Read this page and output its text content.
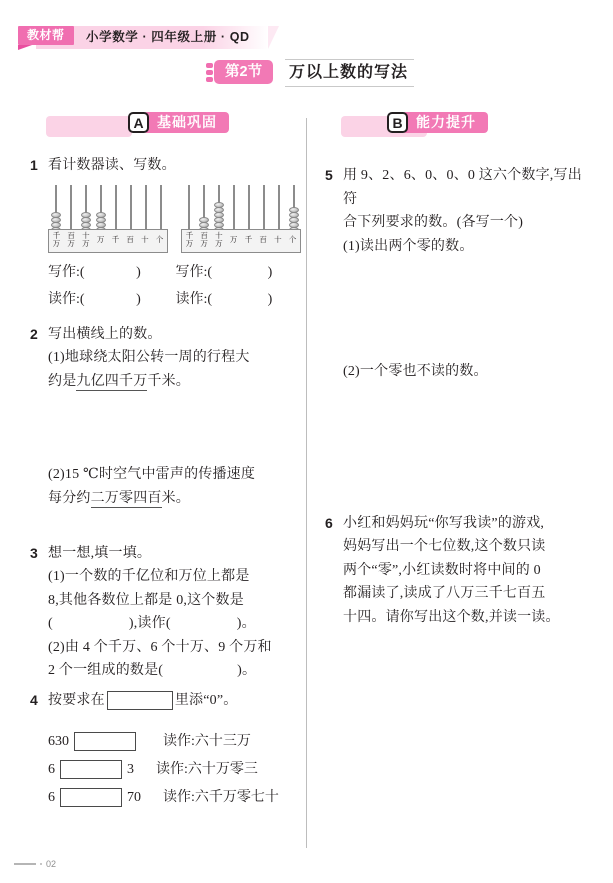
教材帮	小学数学 · 四年级上册 · QD
第2节	万以上数的写法
A 基础巩固
1 看计数器读、写数。
千
万
百
万
十
万 万 千 百 十 个	千
万
百
万
十
万 万 千 百 十 个
写作:(	) 写作:(	)
读作:(	) 读作:(	)
2 写出横线上的数。
(1)地球绕太阳公转一周的行程大
约是九亿四千万千米。
(2)15 ℃时空气中雷声的传播速度
每分约二万零四百米。
3 想一想,填一填。
(1)一个数的千亿位和万位上都是
8,其他各数位上都是 0,这个数是
(	),读作(	)。
(2)由 4 个千万、6 个十万、9 个万和
2 个一组成的数是(	)。
4 按要求在	里添“0”。
630	读作:六十三万
6	3 读作:六十万零三
6	70 读作:六千万零七十
B 能力提升
5 用 9、2、6、0、0、0 这六个数字,写出符
合下列要求的数。(各写一个)
(1)读出两个零的数。
(2)一个零也不读的数。
6 小红和妈妈玩“你写我读”的游戏,
妈妈写出一个七位数,这个数只读
两个“零”,小红读数时将中间的 0
都漏读了,读成了八万三千七百五
十四。请你写出这个数,并读一读。
02
